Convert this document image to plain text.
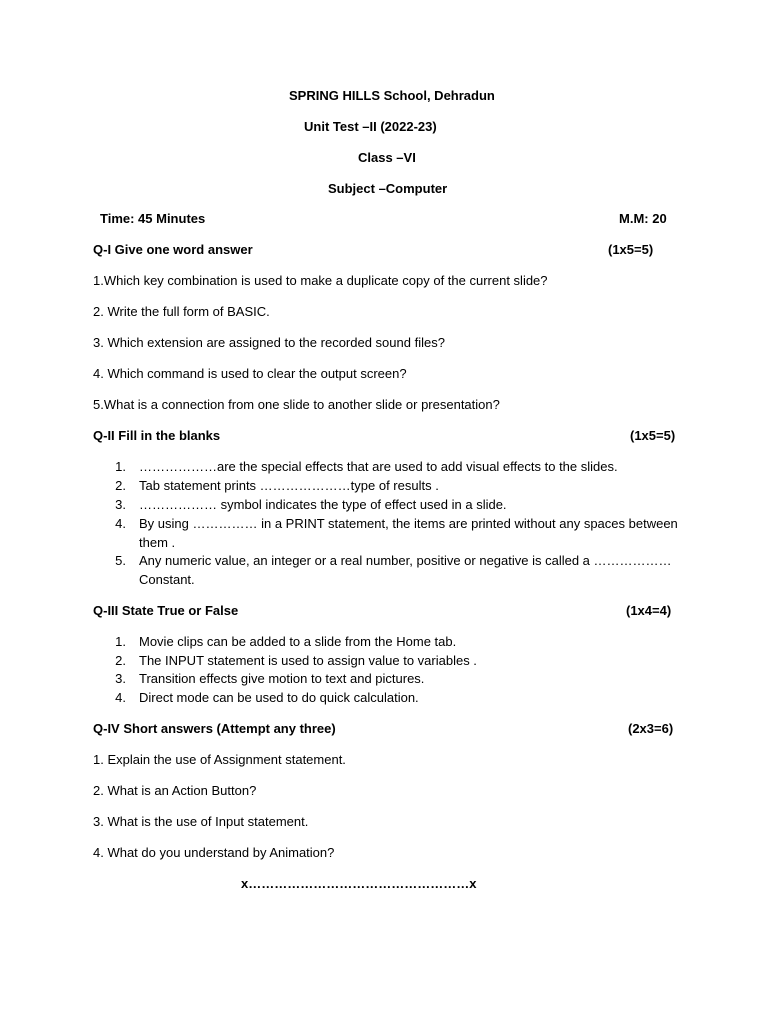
SPRING HILLS School, Dehradun
Unit Test –II (2022-23)
Class –VI
Subject –Computer
Time: 45 Minutes	M.M: 20
Q-I Give one word answer	(1x5=5)
1.Which key combination is used to make a duplicate copy of the current slide?
2. Write the full form of BASIC.
3. Which extension are assigned to the recorded sound files?
4. Which command is used to clear the output screen?
5.What is a connection from one slide to another slide or presentation?
Q-II Fill in the blanks	(1x5=5)
1. ………………are the special effects that are used to add visual effects to the slides.
2. Tab statement prints …………………type of results .
3. ……………… symbol indicates the type of effect used in a slide.
4. By using …………… in a PRINT statement, the items are printed without any spaces between
them .
5. Any numeric value, an integer or a real number, positive or negative is called a ………………
Constant.
Q-III State True or False	(1x4=4)
1. Movie clips can be added to a slide from the Home tab.
2. The INPUT statement is used to assign value to variables .
3. Transition effects give motion to text and pictures.
4. Direct mode can be used to do quick calculation.
Q-IV Short answers (Attempt any three)	(2x3=6)
1. Explain the use of Assignment statement.
2. What is an Action Button?
3. What is the use of Input statement.
4. What do you understand by Animation?
x……………………………………………x
